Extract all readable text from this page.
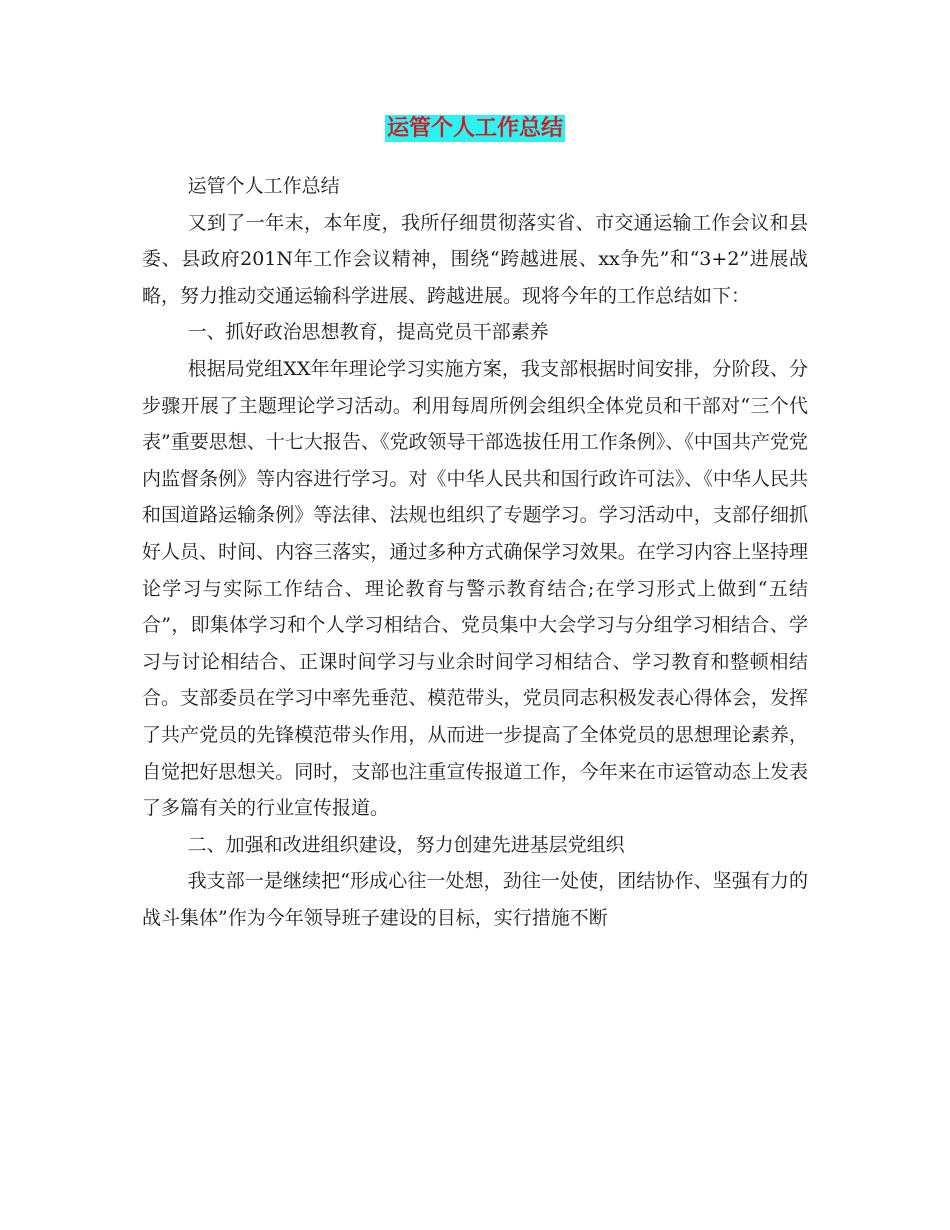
运管个人工作总结

运管个人工作总结

又到了一年末，本年度，我所仔细贯彻落实省、市交通运输工作会议和县委、县政府201N年工作会议精神，围绕“跨越进展、xx争先”和“3+2”进展战略，努力推动交通运输科学进展、跨越进展。现将今年的工作总结如下：

一、抓好政治思想教育，提高党员干部素养

根据局党组XX年年理论学习实施方案，我支部根据时间安排，分阶段、分步骤开展了主题理论学习活动。利用每周所例会组织全体党员和干部对“三个代表”重要思想、十七大报告、《党政领导干部选拔任用工作条例》、《中国共产党党内监督条例》等内容进行学习。对《中华人民共和国行政许可法》、《中华人民共和国道路运输条例》等法律、法规也组织了专题学习。学习活动中，支部仔细抓好人员、时间、内容三落实，通过多种方式确保学习效果。在学习内容上坚持理论学习与实际工作结合、理论教育与警示教育结合;在学习形式上做到“五结合”，即集体学习和个人学习相结合、党员集中大会学习与分组学习相结合、学习与讨论相结合、正课时间学习与业余时间学习相结合、学习教育和整顿相结合。支部委员在学习中率先垂范、模范带头，党员同志积极发表心得体会，发挥了共产党员的先锋模范带头作用，从而进一步提高了全体党员的思想理论素养，自觉把好思想关。同时，支部也注重宣传报道工作，今年来在市运管动态上发表了多篇有关的行业宣传报道。

二、加强和改进组织建设，努力创建先进基层党组织

我支部一是继续把“形成心往一处想，劲往一处使，团结协作、坚强有力的战斗集体”作为今年领导班子建设的目标，实行措施不断
